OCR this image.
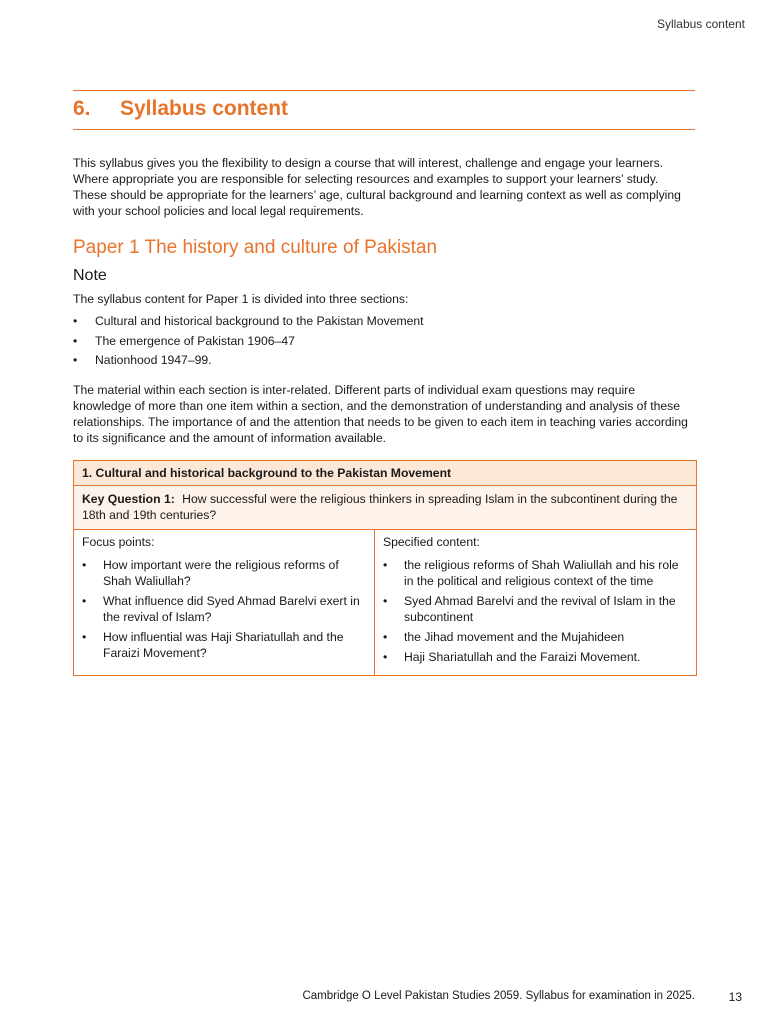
Syllabus content
6.	Syllabus content

This syllabus gives you the flexibility to design a course that will interest, challenge and engage your learners. Where appropriate you are responsible for selecting resources and examples to support your learners’ study. These should be appropriate for the learners’ age, cultural background and learning context as well as complying with your school policies and local legal requirements.

Paper 1 The history and culture of Pakistan
Note

The syllabus content for Paper 1 is divided into three sections:

•	Cultural and historical background to the Pakistan Movement
•	The emergence of Pakistan 1906–47
•	Nationhood 1947–99.

The material within each section is inter-related. Different parts of individual exam questions may require knowledge of more than one item within a section, and the demonstration of understanding and analysis of these relationships. The importance of and the attention that needs to be given to each item in teaching varies according to its significance and the amount of information available.

1. Cultural and historical background to the Pakistan Movement
Key Question 1: How successful were the religious thinkers in spreading Islam in the subcontinent during the 18th and 19th centuries?
Focus points:
•	How important were the religious reforms of Shah Waliullah?
•	What influence did Syed Ahmad Barelvi exert in the revival of Islam?
•	How influential was Haji Shariatullah and the Faraizi Movement?
Specified content:
•	the religious reforms of Shah Waliullah and his role in the political and religious context of the time
•	Syed Ahmad Barelvi and the revival of Islam in the subcontinent
•	the Jihad movement and the Mujahideen
•	Haji Shariatullah and the Faraizi Movement.
Cambridge O Level Pakistan Studies 2059. Syllabus for examination in 2025.	13
